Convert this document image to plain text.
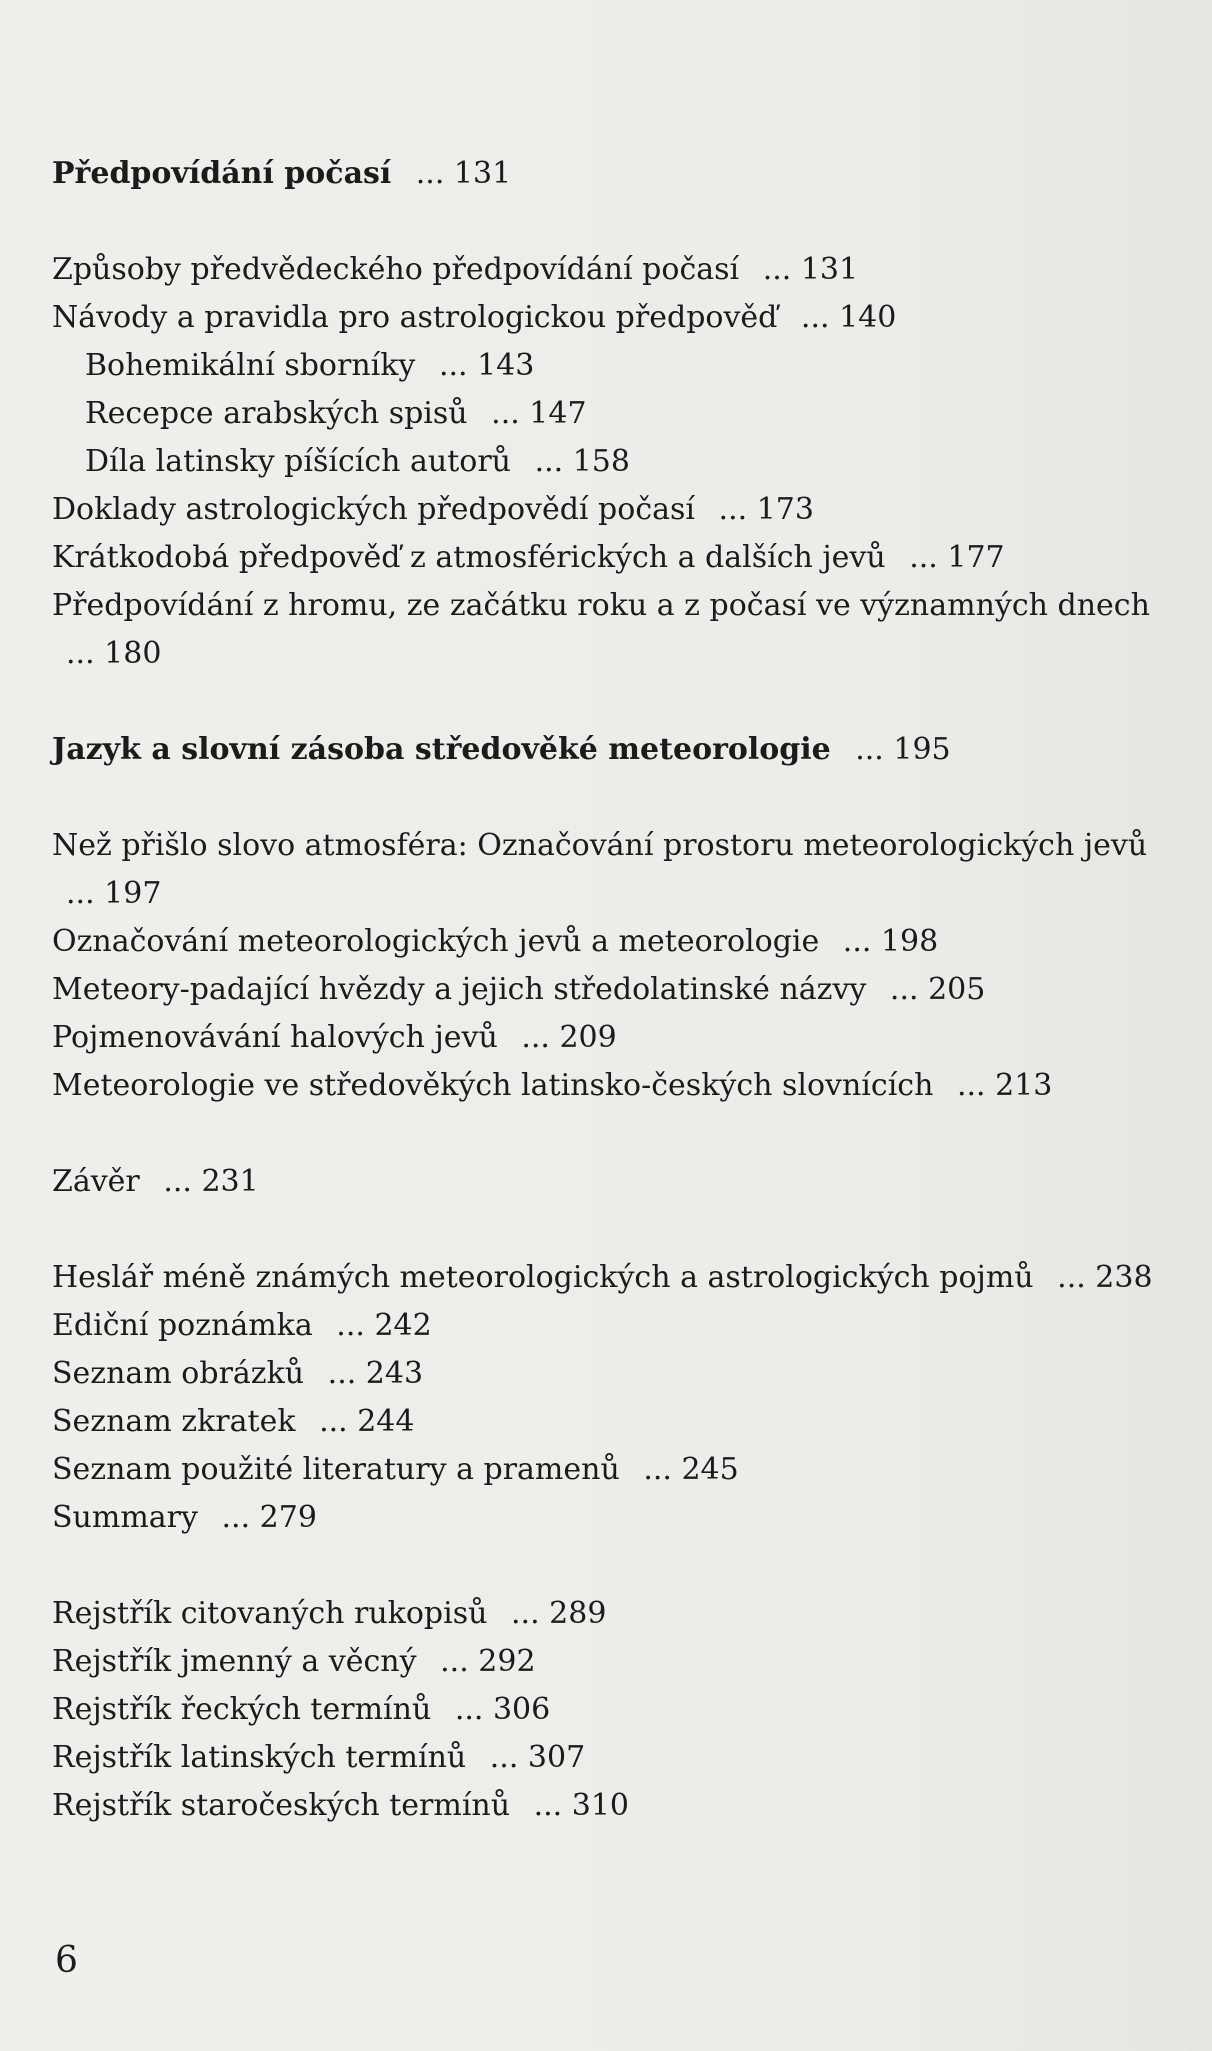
Předpovídání počasí ... 131
Způsoby předvědeckého předpovídání počasí ... 131
Návody a pravidla pro astrologickou předpověď ... 140
Bohemikální sborníky ... 143
Recepce arabských spisů ... 147
Díla latinsky píšících autorů ... 158
Doklady astrologických předpovědí počasí ... 173
Krátkodobá předpověď z atmosférických a dalších jevů ... 177
Předpovídání z hromu, ze začátku roku a z počasí ve významných dnech ... 180
Jazyk a slovní zásoba středověké meteorologie ... 195
Než přišlo slovo atmosféra: Označování prostoru meteorologických jevů ... 197
Označování meteorologických jevů a meteorologie ... 198
Meteory-padající hvězdy a jejich středolatinské názvy ... 205
Pojmenovávání halových jevů ... 209
Meteorologie ve středověkých latinsko-českých slovnících ... 213
Závěr ... 231
Heslář méně známých meteorologických a astrologických pojmů ... 238
Ediční poznámka ... 242
Seznam obrázků ... 243
Seznam zkratek ... 244
Seznam použité literatury a pramenů ... 245
Summary ... 279
Rejstřík citovaných rukopisů ... 289
Rejstřík jmenný a věcný ... 292
Rejstřík řeckých termínů ... 306
Rejstřík latinských termínů ... 307
Rejstřík staročeských termínů ... 310
6
